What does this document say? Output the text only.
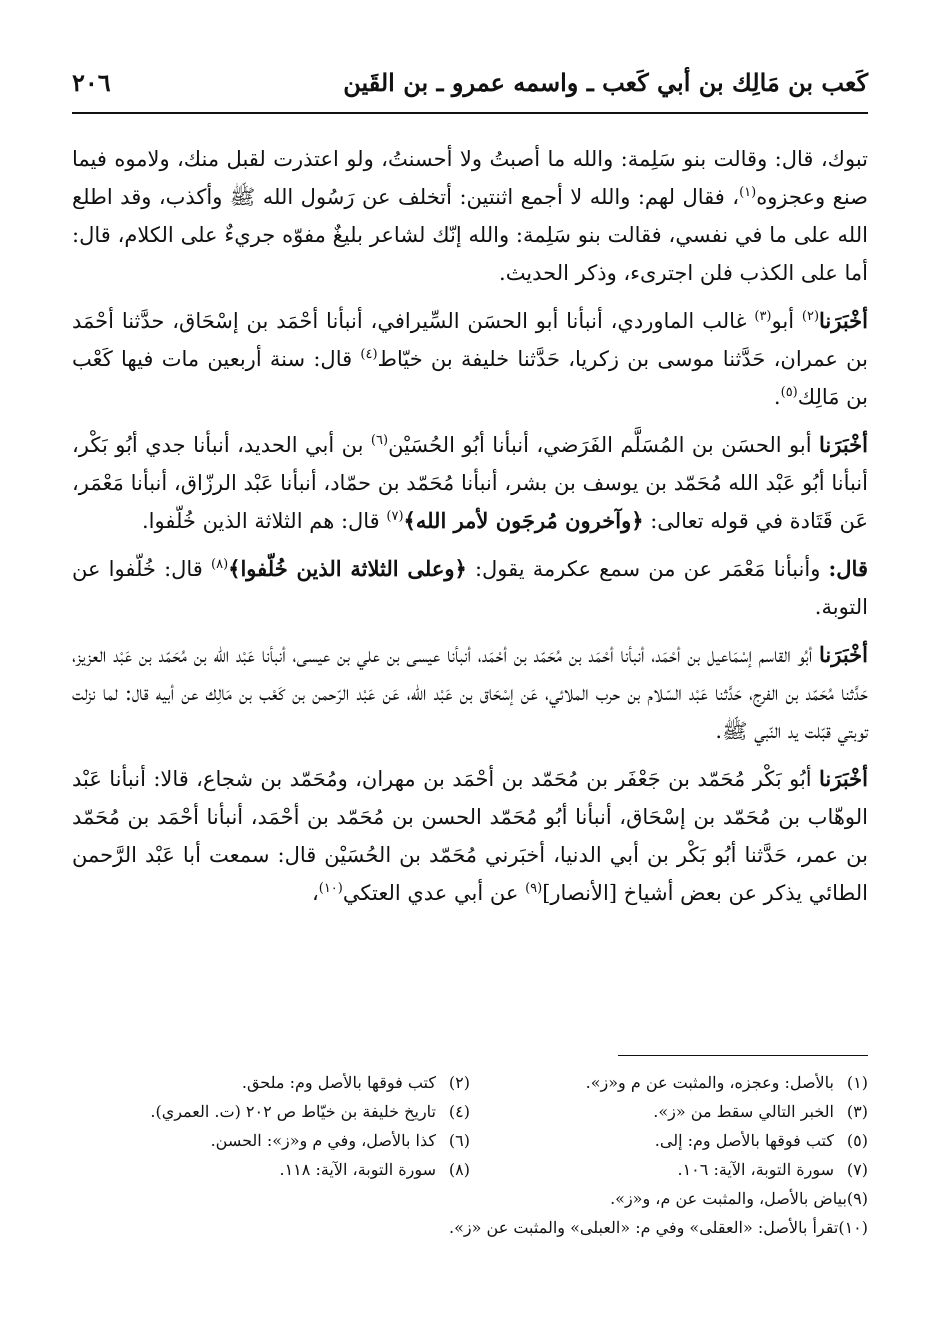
كَعب بن مَالِك بن أبي كَعب ـ واسمه عمرو ـ بن القَين
٢٠٦

تبوك، قال: وقالت بنو سَلِمة: والله ما أصبتُ ولا أحسنتُ، ولو اعتذرت لقبل منك، ولاموه فيما صنع وعجزوه$^{(١)}$، فقال لهم: والله لا أجمع اثنتين: أتخلف عن رَسُول الله ﷺ وأكذب، وقد اطلع الله على ما في نفسي، فقالت بنو سَلِمة: والله إنّك لشاعر بليغٌ مفوّه جريءٌ على الكلام، قال: أما على الكذب فلن اجترىء، وذكر الحديث.

أخْبَرَنا$^{(٢)}$ أبو$^{(٣)}$ غالب الماوردي، أنبأنا أبو الحسَن السِّيرافي، أنبأنا أحْمَد بن إسْحَاق، حدَّثنا أحْمَد بن عمران، حَدَّثنا موسى بن زكريا، حَدَّثنا خليفة بن خيّاط$^{(٤)}$ قال: سنة أربعين مات فيها كَعْب بن مَالِك$^{(٥)}$.

أخْبَرَنا أبو الحسَن بن المُسَلَّم الفَرَضي، أنبأنا أبُو الحُسَيْن$^{(٦)}$ بن أبي الحديد، أنبأنا جدي أبُو بَكْر، أنبأنا أبُو عَبْد الله مُحَمّد بن يوسف بن بشر، أنبأنا مُحَمّد بن حمّاد، أنبأنا عَبْد الرزّاق، أنبأنا مَعْمَر، عَن قَتَادة في قوله تعالى: ﴿وآخرون مُرجَون لأمر الله﴾$^{(٧)}$ قال: هم الثلاثة الذين خُلّفوا.

قال: وأنبأنا مَعْمَر عن من سمع عكرمة يقول: ﴿وعلى الثلاثة الذين خُلّفوا﴾$^{(٨)}$ قال: خُلّفوا عن التوبة.

أخْبَرَنا أبُو القاسم إسْمَاعيل بن أحْمَد، أنبأنا أحْمَد بن مُحَمّد بن أحْمَد، أنبأنا عيسى بن علي بن عيسى، أنبأنا عَبْد الله بن مُحَمّد بن عَبْد العزيز، حَدَّثنا مُحَمّد بن الفرج، حَدَّثنا عَبْد السّلام بن حرب الملائي، عَن إسْحَاق بن عَبْد الله، عَن عَبْد الرّحمن بن كَعْب بن مَالِك عن أبيه قال: لما نزلت توبتي قبّلت يد النّبي ﷺ.

أخْبَرَنا أبُو بَكْر مُحَمّد بن جَعْفَر بن مُحَمّد بن أحْمَد بن مهران، ومُحَمّد بن شجاع، قالا: أنبأنا عَبْد الوهّاب بن مُحَمّد بن إسْحَاق، أنبأنا أبُو مُحَمّد الحسن بن مُحَمّد بن أحْمَد، أنبأنا أحْمَد بن مُحَمّد بن عمر، حَدَّثنا أبُو بَكْر بن أبي الدنيا، أخبَرني مُحَمّد بن الحُسَيْن قال: سمعت أبا عَبْد الرَّحمن الطائي يذكر عن بعض أشياخ [الأنصار]$^{(٩)}$ عن أبي عدي العتكي$^{(١٠)}$،

(١)بالأصل: وعجزه، والمثبت عن م و«ز».
(٢)كتب فوقها بالأصل وم: ملحق.
(٣)الخبر التالي سقط من «ز».
(٤)تاريخ خليفة بن خيّاط ص ٢٠٢ (ت. العمري).
(٥)كتب فوقها بالأصل وم: إلى.
(٦)كذا بالأصل، وفي م و«ز»: الحسن.
(٧)سورة التوبة، الآية: ١٠٦.
(٨)سورة التوبة، الآية: ١١٨.
(٩)بياض بالأصل، والمثبت عن م، و«ز».
(١٠)تقرأ بالأصل: «العقلى» وفي م: «العبلى» والمثبت عن «ز».
